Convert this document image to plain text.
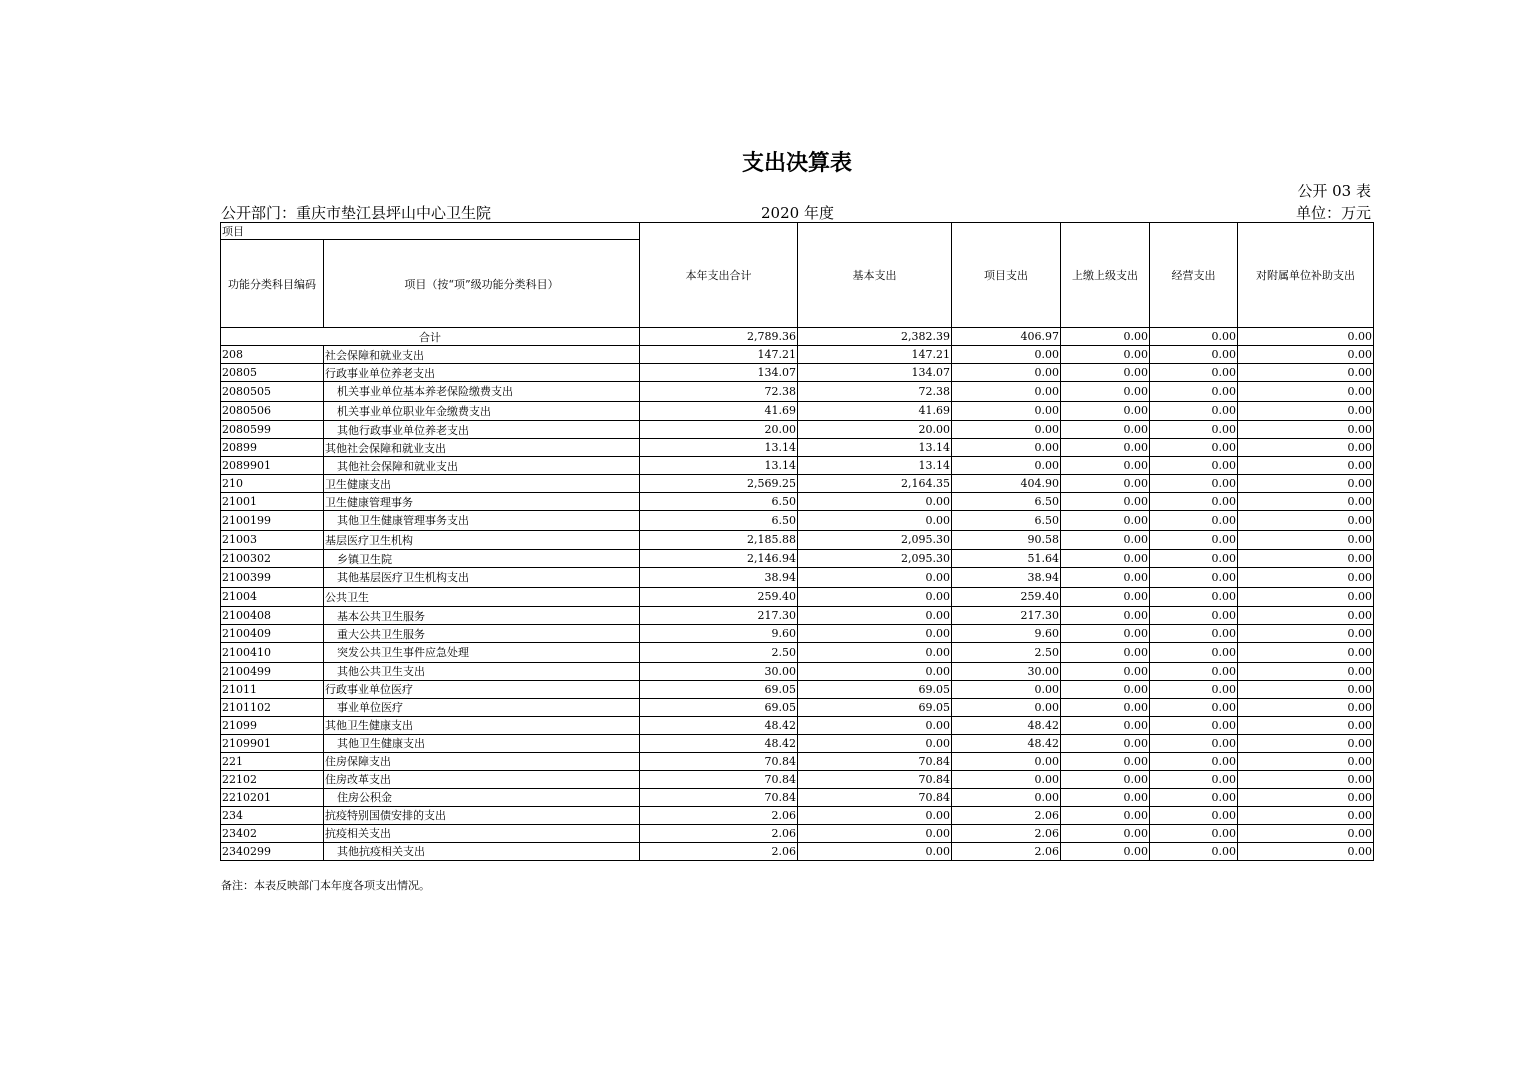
支出决算表
公开 03 表
公开部门：重庆市垫江县坪山中心卫生院	2020 年度	单位：万元
项目		本年支出合计	基本支出	项目支出	上缴上级支出	经营支出	对附属单位补助支出
功能分类科目编码	项目（按“项”级功能分类科目）						
合计		2,789.36	2,382.39	406.97	0.00	0.00	0.00
208	社会保障和就业支出	147.21	147.21	0.00	0.00	0.00	0.00
20805	行政事业单位养老支出	134.07	134.07	0.00	0.00	0.00	0.00
2080505	机关事业单位基本养老保险缴费支出	72.38	72.38	0.00	0.00	0.00	0.00
2080506	机关事业单位职业年金缴费支出	41.69	41.69	0.00	0.00	0.00	0.00
2080599	其他行政事业单位养老支出	20.00	20.00	0.00	0.00	0.00	0.00
20899	其他社会保障和就业支出	13.14	13.14	0.00	0.00	0.00	0.00
2089901	其他社会保障和就业支出	13.14	13.14	0.00	0.00	0.00	0.00
210	卫生健康支出	2,569.25	2,164.35	404.90	0.00	0.00	0.00
21001	卫生健康管理事务	6.50	0.00	6.50	0.00	0.00	0.00
2100199	其他卫生健康管理事务支出	6.50	0.00	6.50	0.00	0.00	0.00
21003	基层医疗卫生机构	2,185.88	2,095.30	90.58	0.00	0.00	0.00
2100302	乡镇卫生院	2,146.94	2,095.30	51.64	0.00	0.00	0.00
2100399	其他基层医疗卫生机构支出	38.94	0.00	38.94	0.00	0.00	0.00
21004	公共卫生	259.40	0.00	259.40	0.00	0.00	0.00
2100408	基本公共卫生服务	217.30	0.00	217.30	0.00	0.00	0.00
2100409	重大公共卫生服务	9.60	0.00	9.60	0.00	0.00	0.00
2100410	突发公共卫生事件应急处理	2.50	0.00	2.50	0.00	0.00	0.00
2100499	其他公共卫生支出	30.00	0.00	30.00	0.00	0.00	0.00
21011	行政事业单位医疗	69.05	69.05	0.00	0.00	0.00	0.00
2101102	事业单位医疗	69.05	69.05	0.00	0.00	0.00	0.00
21099	其他卫生健康支出	48.42	0.00	48.42	0.00	0.00	0.00
2109901	其他卫生健康支出	48.42	0.00	48.42	0.00	0.00	0.00
221	住房保障支出	70.84	70.84	0.00	0.00	0.00	0.00
22102	住房改革支出	70.84	70.84	0.00	0.00	0.00	0.00
2210201	住房公积金	70.84	70.84	0.00	0.00	0.00	0.00
234	抗疫特别国债安排的支出	2.06	0.00	2.06	0.00	0.00	0.00
23402	抗疫相关支出	2.06	0.00	2.06	0.00	0.00	0.00
2340299	其他抗疫相关支出	2.06	0.00	2.06	0.00	0.00	0.00
备注：本表反映部门本年度各项支出情况。
